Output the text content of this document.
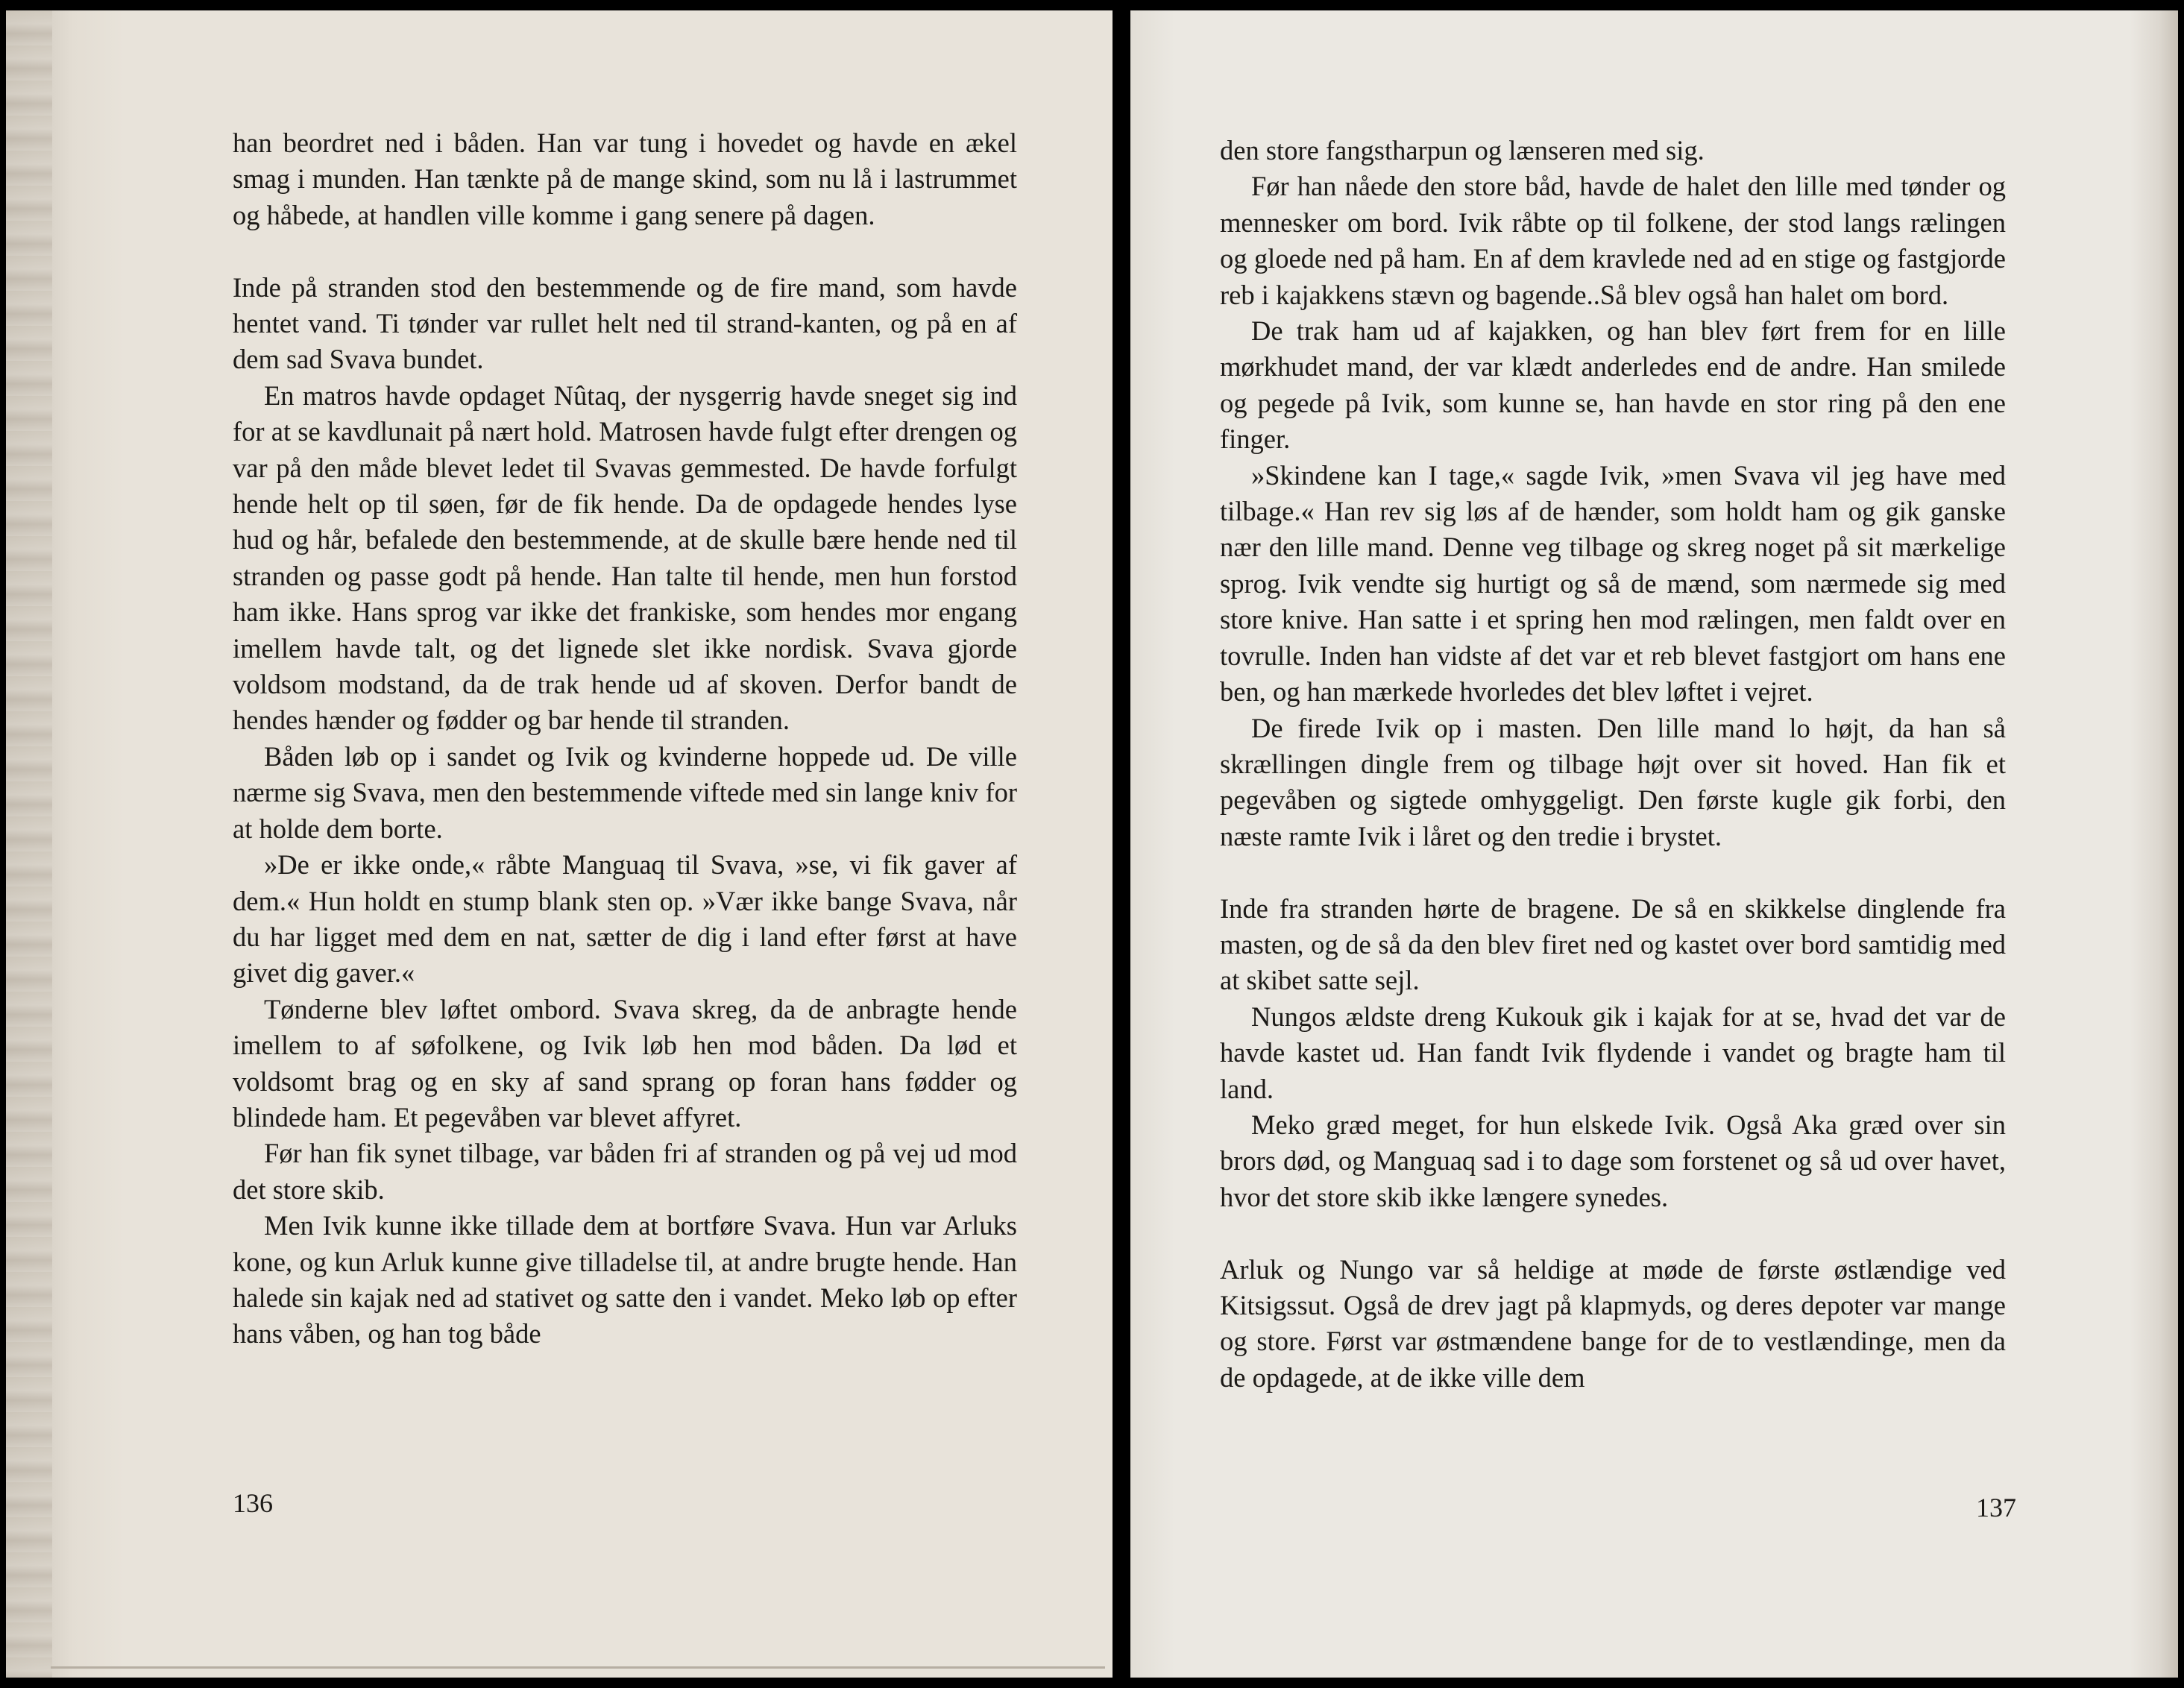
han beordret ned i båden. Han var tung i hovedet og havde en ækel smag i munden. Han tænkte på de mange skind, som nu lå i lastrummet og håbede, at handlen ville komme i gang senere på dagen.

Inde på stranden stod den bestemmende og de fire mand, som havde hentet vand. Ti tønder var rullet helt ned til strand-kanten, og på en af dem sad Svava bundet.

En matros havde opdaget Nûtaq, der nysgerrig havde sneget sig ind for at se kavdlunait på nært hold. Matrosen havde fulgt efter drengen og var på den måde blevet ledet til Svavas gemmested. De havde forfulgt hende helt op til søen, før de fik hende. Da de opdagede hendes lyse hud og hår, befalede den bestemmende, at de skulle bære hende ned til stranden og passe godt på hende. Han talte til hende, men hun forstod ham ikke. Hans sprog var ikke det frankiske, som hendes mor engang imellem havde talt, og det lignede slet ikke nordisk. Svava gjorde voldsom modstand, da de trak hende ud af skoven. Derfor bandt de hendes hænder og fødder og bar hende til stranden.

Båden løb op i sandet og Ivik og kvinderne hoppede ud. De ville nærme sig Svava, men den bestemmende viftede med sin lange kniv for at holde dem borte.

»De er ikke onde,« råbte Manguaq til Svava, »se, vi fik gaver af dem.« Hun holdt en stump blank sten op. »Vær ikke bange Svava, når du har ligget med dem en nat, sætter de dig i land efter først at have givet dig gaver.«

Tønderne blev løftet ombord. Svava skreg, da de anbragte hende imellem to af søfolkene, og Ivik løb hen mod båden. Da lød et voldsomt brag og en sky af sand sprang op foran hans fødder og blindede ham. Et pegevåben var blevet affyret.

Før han fik synet tilbage, var båden fri af stranden og på vej ud mod det store skib.

Men Ivik kunne ikke tillade dem at bortføre Svava. Hun var Arluks kone, og kun Arluk kunne give tilladelse til, at andre brugte hende. Han halede sin kajak ned ad stativet og satte den i vandet. Meko løb op efter hans våben, og han tog både

136

den store fangstharpun og lænseren med sig.

Før han nåede den store båd, havde de halet den lille med tønder og mennesker om bord. Ivik råbte op til folkene, der stod langs rælingen og gloede ned på ham. En af dem kravlede ned ad en stige og fastgjorde reb i kajakkens stævn og bagende..Så blev også han halet om bord.

De trak ham ud af kajakken, og han blev ført frem for en lille mørkhudet mand, der var klædt anderledes end de andre. Han smilede og pegede på Ivik, som kunne se, han havde en stor ring på den ene finger.

»Skindene kan I tage,« sagde Ivik, »men Svava vil jeg have med tilbage.« Han rev sig løs af de hænder, som holdt ham og gik ganske nær den lille mand. Denne veg tilbage og skreg noget på sit mærkelige sprog. Ivik vendte sig hurtigt og så de mænd, som nærmede sig med store knive. Han satte i et spring hen mod rælingen, men faldt over en tovrulle. Inden han vidste af det var et reb blevet fastgjort om hans ene ben, og han mærkede hvorledes det blev løftet i vejret.

De firede Ivik op i masten. Den lille mand lo højt, da han så skrællingen dingle frem og tilbage højt over sit hoved. Han fik et pegevåben og sigtede omhyggeligt. Den første kugle gik forbi, den næste ramte Ivik i låret og den tredie i brystet.

Inde fra stranden hørte de bragene. De så en skikkelse dinglende fra masten, og de så da den blev firet ned og kastet over bord samtidig med at skibet satte sejl.

Nungos ældste dreng Kukouk gik i kajak for at se, hvad det var de havde kastet ud. Han fandt Ivik flydende i vandet og bragte ham til land.

Meko græd meget, for hun elskede Ivik. Også Aka græd over sin brors død, og Manguaq sad i to dage som forstenet og så ud over havet, hvor det store skib ikke længere synedes.

Arluk og Nungo var så heldige at møde de første østlændige ved Kitsigssut. Også de drev jagt på klapmyds, og deres depoter var mange og store. Først var østmændene bange for de to vestlændinge, men da de opdagede, at de ikke ville dem

137
